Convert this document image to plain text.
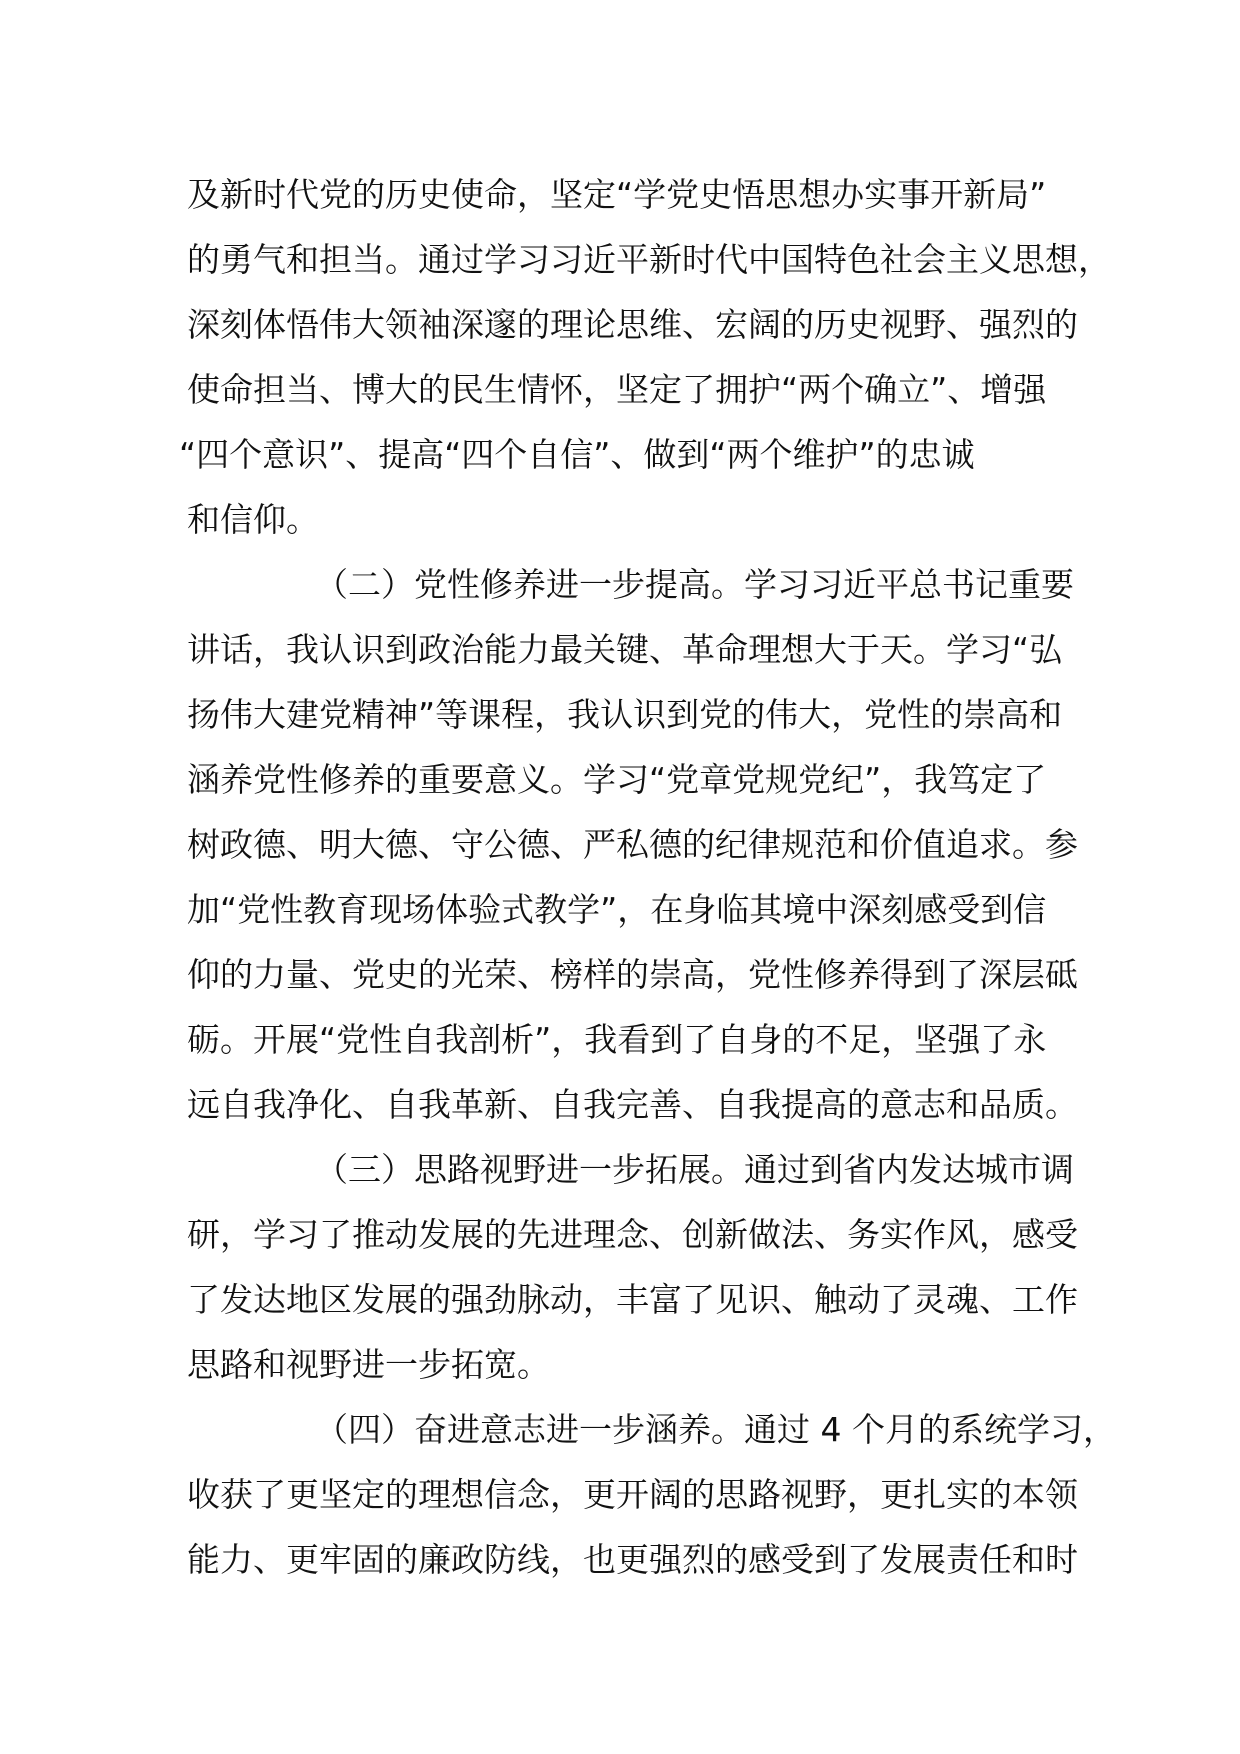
及新时代党的历史使命，坚定“学党史悟思想办实事开新局”
的勇气和担当。通过学习习近平新时代中国特色社会主义思想，
深刻体悟伟大领袖深邃的理论思维、宏阔的历史视野、强烈的
使命担当、博大的民生情怀，坚定了拥护“两个确立”、增强
“四个意识”、提高“四个自信”、做到“两个维护”的忠诚
和信仰。
（二）党性修养进一步提高。学习习近平总书记重要
讲话，我认识到政治能力最关键、革命理想大于天。学习“弘
扬伟大建党精神”等课程，我认识到党的伟大，党性的崇高和
涵养党性修养的重要意义。学习“党章党规党纪”，我笃定了
树政德、明大德、守公德、严私德的纪律规范和价值追求。参
加“党性教育现场体验式教学”，在身临其境中深刻感受到信
仰的力量、党史的光荣、榜样的崇高，党性修养得到了深层砥
砺。开展“党性自我剖析”，我看到了自身的不足，坚强了永
远自我净化、自我革新、自我完善、自我提高的意志和品质。
（三）思路视野进一步拓展。通过到省内发达城市调
研，学习了推动发展的先进理念、创新做法、务实作风，感受
了发达地区发展的强劲脉动，丰富了见识、触动了灵魂、工作
思路和视野进一步拓宽。
（四）奋进意志进一步涵养。通过 4 个月的系统学习，
收获了更坚定的理想信念，更开阔的思路视野，更扎实的本领
能力、更牢固的廉政防线，也更强烈的感受到了发展责任和时
